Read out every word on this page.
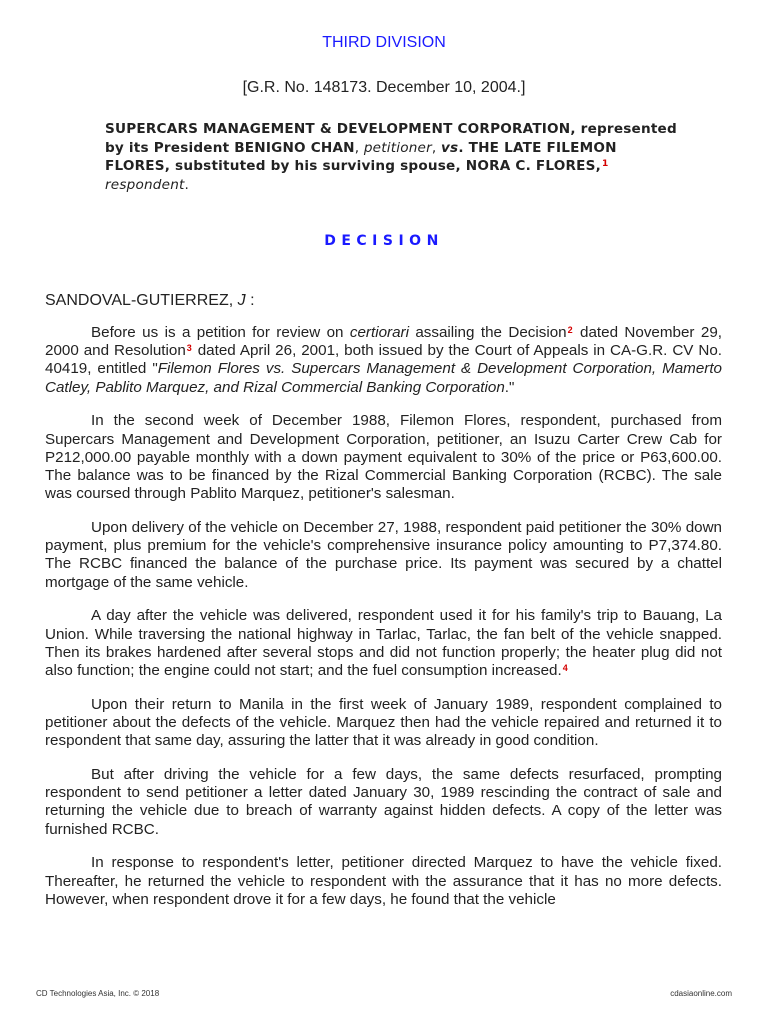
THIRD DIVISION
[G.R. No. 148173. December 10, 2004.]
SUPERCARS MANAGEMENT & DEVELOPMENT CORPORATION, represented by its President BENIGNO CHAN, petitioner, vs. THE LATE FILEMON FLORES, substituted by his surviving spouse, NORA C. FLORES,$^1$ respondent.
DECISION
SANDOVAL-GUTIERREZ, J :

Before us is a petition for review on certiorari assailing the Decision$^2$ dated November 29, 2000 and Resolution$^3$ dated April 26, 2001, both issued by the Court of Appeals in CA-G.R. CV No. 40419, entitled "Filemon Flores vs. Supercars Management & Development Corporation, Mamerto Catley, Pablito Marquez, and Rizal Commercial Banking Corporation."

In the second week of December 1988, Filemon Flores, respondent, purchased from Supercars Management and Development Corporation, petitioner, an Isuzu Carter Crew Cab for P212,000.00 payable monthly with a down payment equivalent to 30% of the price or P63,600.00. The balance was to be financed by the Rizal Commercial Banking Corporation (RCBC). The sale was coursed through Pablito Marquez, petitioner's salesman.

Upon delivery of the vehicle on December 27, 1988, respondent paid petitioner the 30% down payment, plus premium for the vehicle's comprehensive insurance policy amounting to P7,374.80. The RCBC financed the balance of the purchase price. Its payment was secured by a chattel mortgage of the same vehicle.

A day after the vehicle was delivered, respondent used it for his family's trip to Bauang, La Union. While traversing the national highway in Tarlac, Tarlac, the fan belt of the vehicle snapped. Then its brakes hardened after several stops and did not function properly; the heater plug did not also function; the engine could not start; and the fuel consumption increased.$^4$

Upon their return to Manila in the first week of January 1989, respondent complained to petitioner about the defects of the vehicle. Marquez then had the vehicle repaired and returned it to respondent that same day, assuring the latter that it was already in good condition.

But after driving the vehicle for a few days, the same defects resurfaced, prompting respondent to send petitioner a letter dated January 30, 1989 rescinding the contract of sale and returning the vehicle due to breach of warranty against hidden defects. A copy of the letter was furnished RCBC.

In response to respondent's letter, petitioner directed Marquez to have the vehicle fixed. Thereafter, he returned the vehicle to respondent with the assurance that it has no more defects. However, when respondent drove it for a few days, he found that the vehicle

CD Technologies Asia, Inc. © 2018	cdasiaonline.com
